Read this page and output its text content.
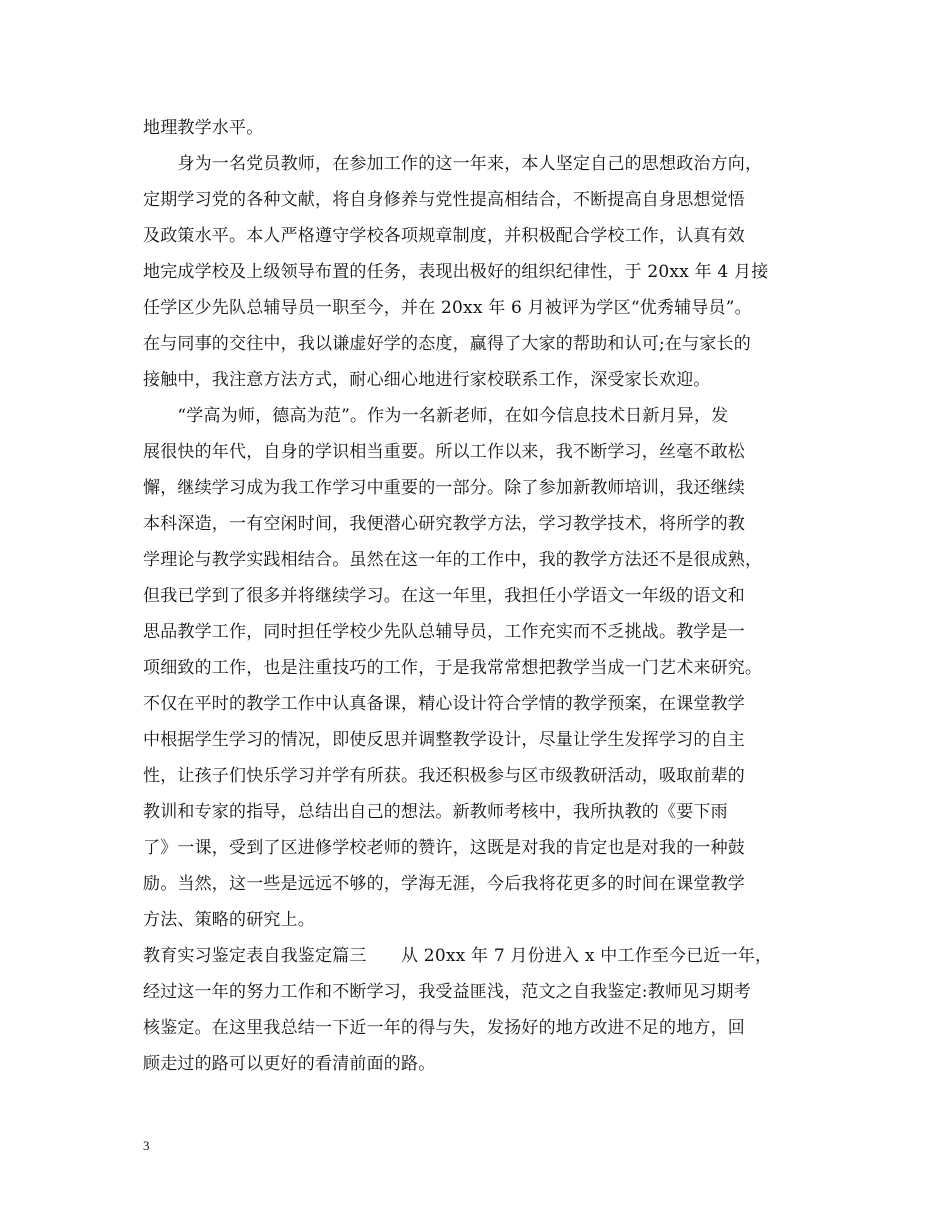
地理教学水平。
　　身为一名党员教师，在参加工作的这一年来，本人坚定自己的思想政治方向，
定期学习党的各种文献，将自身修养与党性提高相结合，不断提高自身思想觉悟
及政策水平。本人严格遵守学校各项规章制度，并积极配合学校工作，认真有效
地完成学校及上级领导布置的任务，表现出极好的组织纪律性，于 20xx 年 4 月接
任学区少先队总辅导员一职至今，并在 20xx 年 6 月被评为学区“优秀辅导员”。
在与同事的交往中，我以谦虚好学的态度，赢得了大家的帮助和认可;在与家长的
接触中，我注意方法方式，耐心细心地进行家校联系工作，深受家长欢迎。
　　“学高为师，德高为范”。作为一名新老师，在如今信息技术日新月异，发
展很快的年代，自身的学识相当重要。所以工作以来，我不断学习，丝毫不敢松
懈，继续学习成为我工作学习中重要的一部分。除了参加新教师培训，我还继续
本科深造，一有空闲时间，我便潜心研究教学方法，学习教学技术，将所学的教
学理论与教学实践相结合。虽然在这一年的工作中，我的教学方法还不是很成熟，
但我已学到了很多并将继续学习。在这一年里，我担任小学语文一年级的语文和
思品教学工作，同时担任学校少先队总辅导员，工作充实而不乏挑战。教学是一
项细致的工作，也是注重技巧的工作，于是我常常想把教学当成一门艺术来研究。
不仅在平时的教学工作中认真备课，精心设计符合学情的教学预案，在课堂教学
中根据学生学习的情况，即使反思并调整教学设计，尽量让学生发挥学习的自主
性，让孩子们快乐学习并学有所获。我还积极参与区市级教研活动，吸取前辈的
教训和专家的指导，总结出自己的想法。新教师考核中，我所执教的《要下雨
了》一课，受到了区进修学校老师的赞许，这既是对我的肯定也是对我的一种鼓
励。当然，这一些是远远不够的，学海无涯，今后我将花更多的时间在课堂教学
方法、策略的研究上。
教育实习鉴定表自我鉴定篇三　　从 20xx 年 7 月份进入 x 中工作至今已近一年，
经过这一年的努力工作和不断学习，我受益匪浅，范文之自我鉴定:教师见习期考
核鉴定。在这里我总结一下近一年的得与失，发扬好的地方改进不足的地方，回
顾走过的路可以更好的看清前面的路。
3
